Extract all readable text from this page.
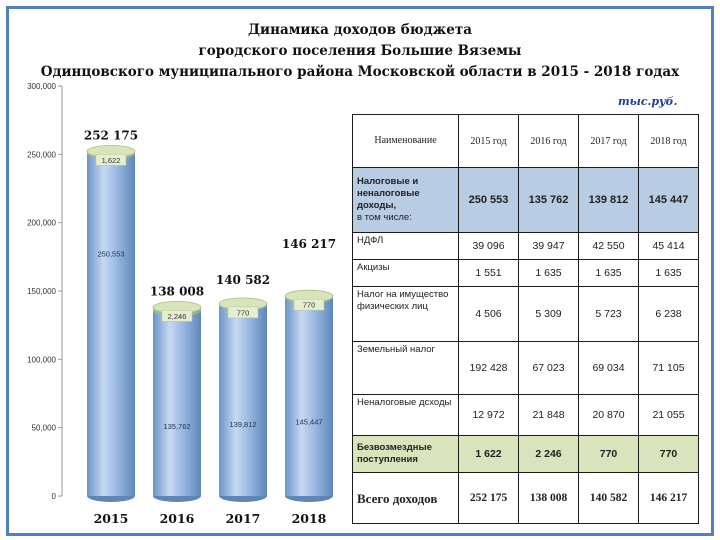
Динамика доходов бюджета
городского поселения Большие Вяземы
Одинцовского муниципального района Московской области в 2015 - 2018 годах
тыс.руб.
0
50,000
100,000
150,000
200,000
250,000
300,000
250,553
1,622
252 175
2015
135,762
2,246
138 008
2016
139,812
770
140 582
2017
145,447
770
146 217
2018
Наименование	2015 год	2016 год	2017 год	2018 год
Налоговые и неналоговые доходы,
в том числе:	250 553	135 762	139 812	145 447
НДФЛ	39 096	39 947	42 550	45 414
Акцизы	1 551	1 635	1 635	1 635
Налог на имущество физических лиц	4 506	5 309	5 723	6 238
Земельный налог	192 428	67 023	69 034	71 105
Неналоговые дсходы	12 972	21 848	20 870	21 055
Безвозмездные поступления	1 622	2 246	770	770
Всего доходов	252 175	138 008	140 582	146 217
